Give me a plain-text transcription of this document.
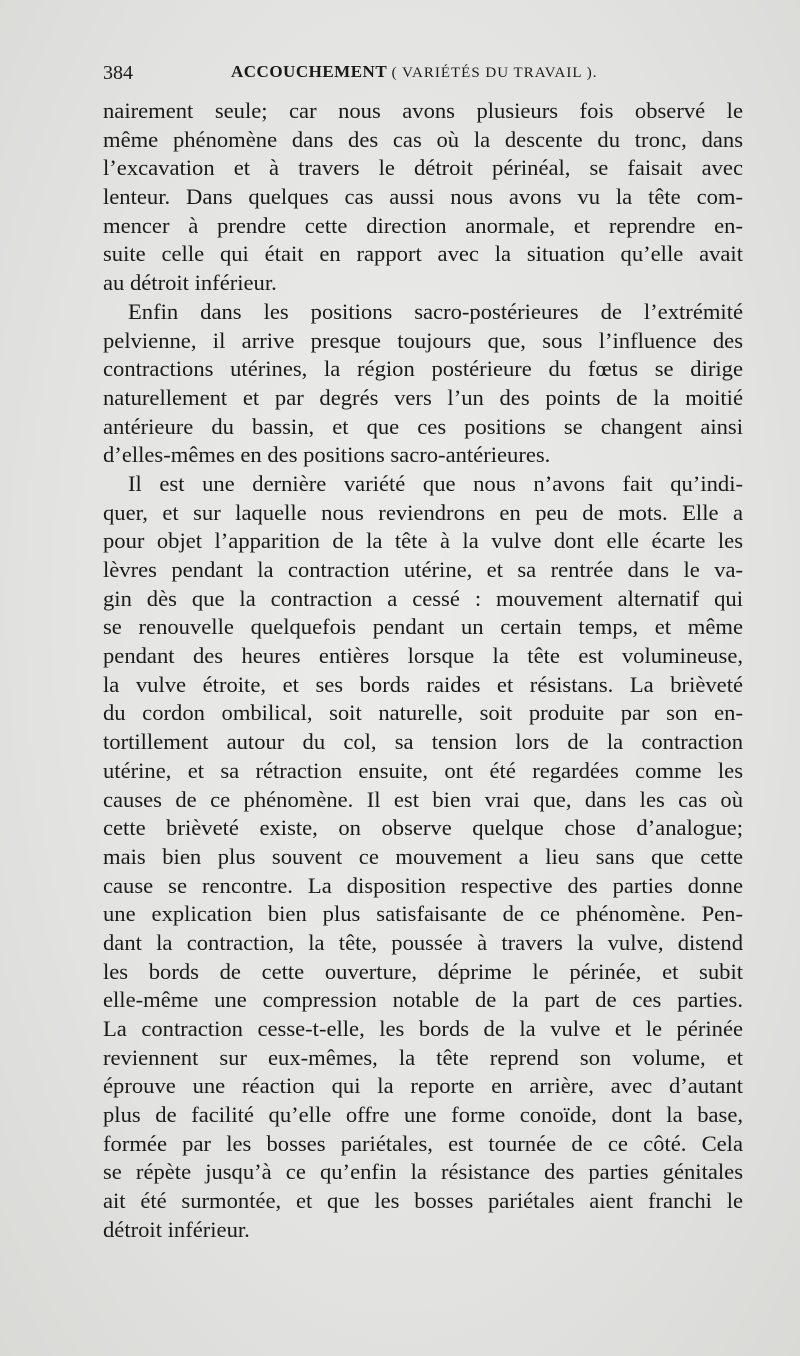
384	ACCOUCHEMENT ( VARIÉTÉS DU TRAVAIL ).
nairement seule; car nous avons plusieurs fois observé le
même phénomène dans des cas où la descente du tronc, dans
l’excavation et à travers le détroit périnéal, se faisait avec
lenteur. Dans quelques cas aussi nous avons vu la tête com-
mencer à prendre cette direction anormale, et reprendre en-
suite celle qui était en rapport avec la situation qu’elle avait
au détroit inférieur.
Enfin dans les positions sacro-postérieures de l’extrémité
pelvienne, il arrive presque toujours que, sous l’influence des
contractions utérines, la région postérieure du fœtus se dirige
naturellement et par degrés vers l’un des points de la moitié
antérieure du bassin, et que ces positions se changent ainsi
d’elles-mêmes en des positions sacro-antérieures.
Il est une dernière variété que nous n’avons fait qu’indi-
quer, et sur laquelle nous reviendrons en peu de mots. Elle a
pour objet l’apparition de la tête à la vulve dont elle écarte les
lèvres pendant la contraction utérine, et sa rentrée dans le va-
gin dès que la contraction a cessé : mouvement alternatif qui
se renouvelle quelquefois pendant un certain temps, et même
pendant des heures entières lorsque la tête est volumineuse,
la vulve étroite, et ses bords raides et résistans. La brièveté
du cordon ombilical, soit naturelle, soit produite par son en-
tortillement autour du col, sa tension lors de la contraction
utérine, et sa rétraction ensuite, ont été regardées comme les
causes de ce phénomène. Il est bien vrai que, dans les cas où
cette brièveté existe, on observe quelque chose d’analogue;
mais bien plus souvent ce mouvement a lieu sans que cette
cause se rencontre. La disposition respective des parties donne
une explication bien plus satisfaisante de ce phénomène. Pen-
dant la contraction, la tête, poussée à travers la vulve, distend
les bords de cette ouverture, déprime le périnée, et subit
elle-même une compression notable de la part de ces parties.
La contraction cesse-t-elle, les bords de la vulve et le périnée
reviennent sur eux-mêmes, la tête reprend son volume, et
éprouve une réaction qui la reporte en arrière, avec d’autant
plus de facilité qu’elle offre une forme conoïde, dont la base,
formée par les bosses pariétales, est tournée de ce côté. Cela
se répète jusqu’à ce qu’enfin la résistance des parties génitales
ait été surmontée, et que les bosses pariétales aient franchi le
détroit inférieur.
